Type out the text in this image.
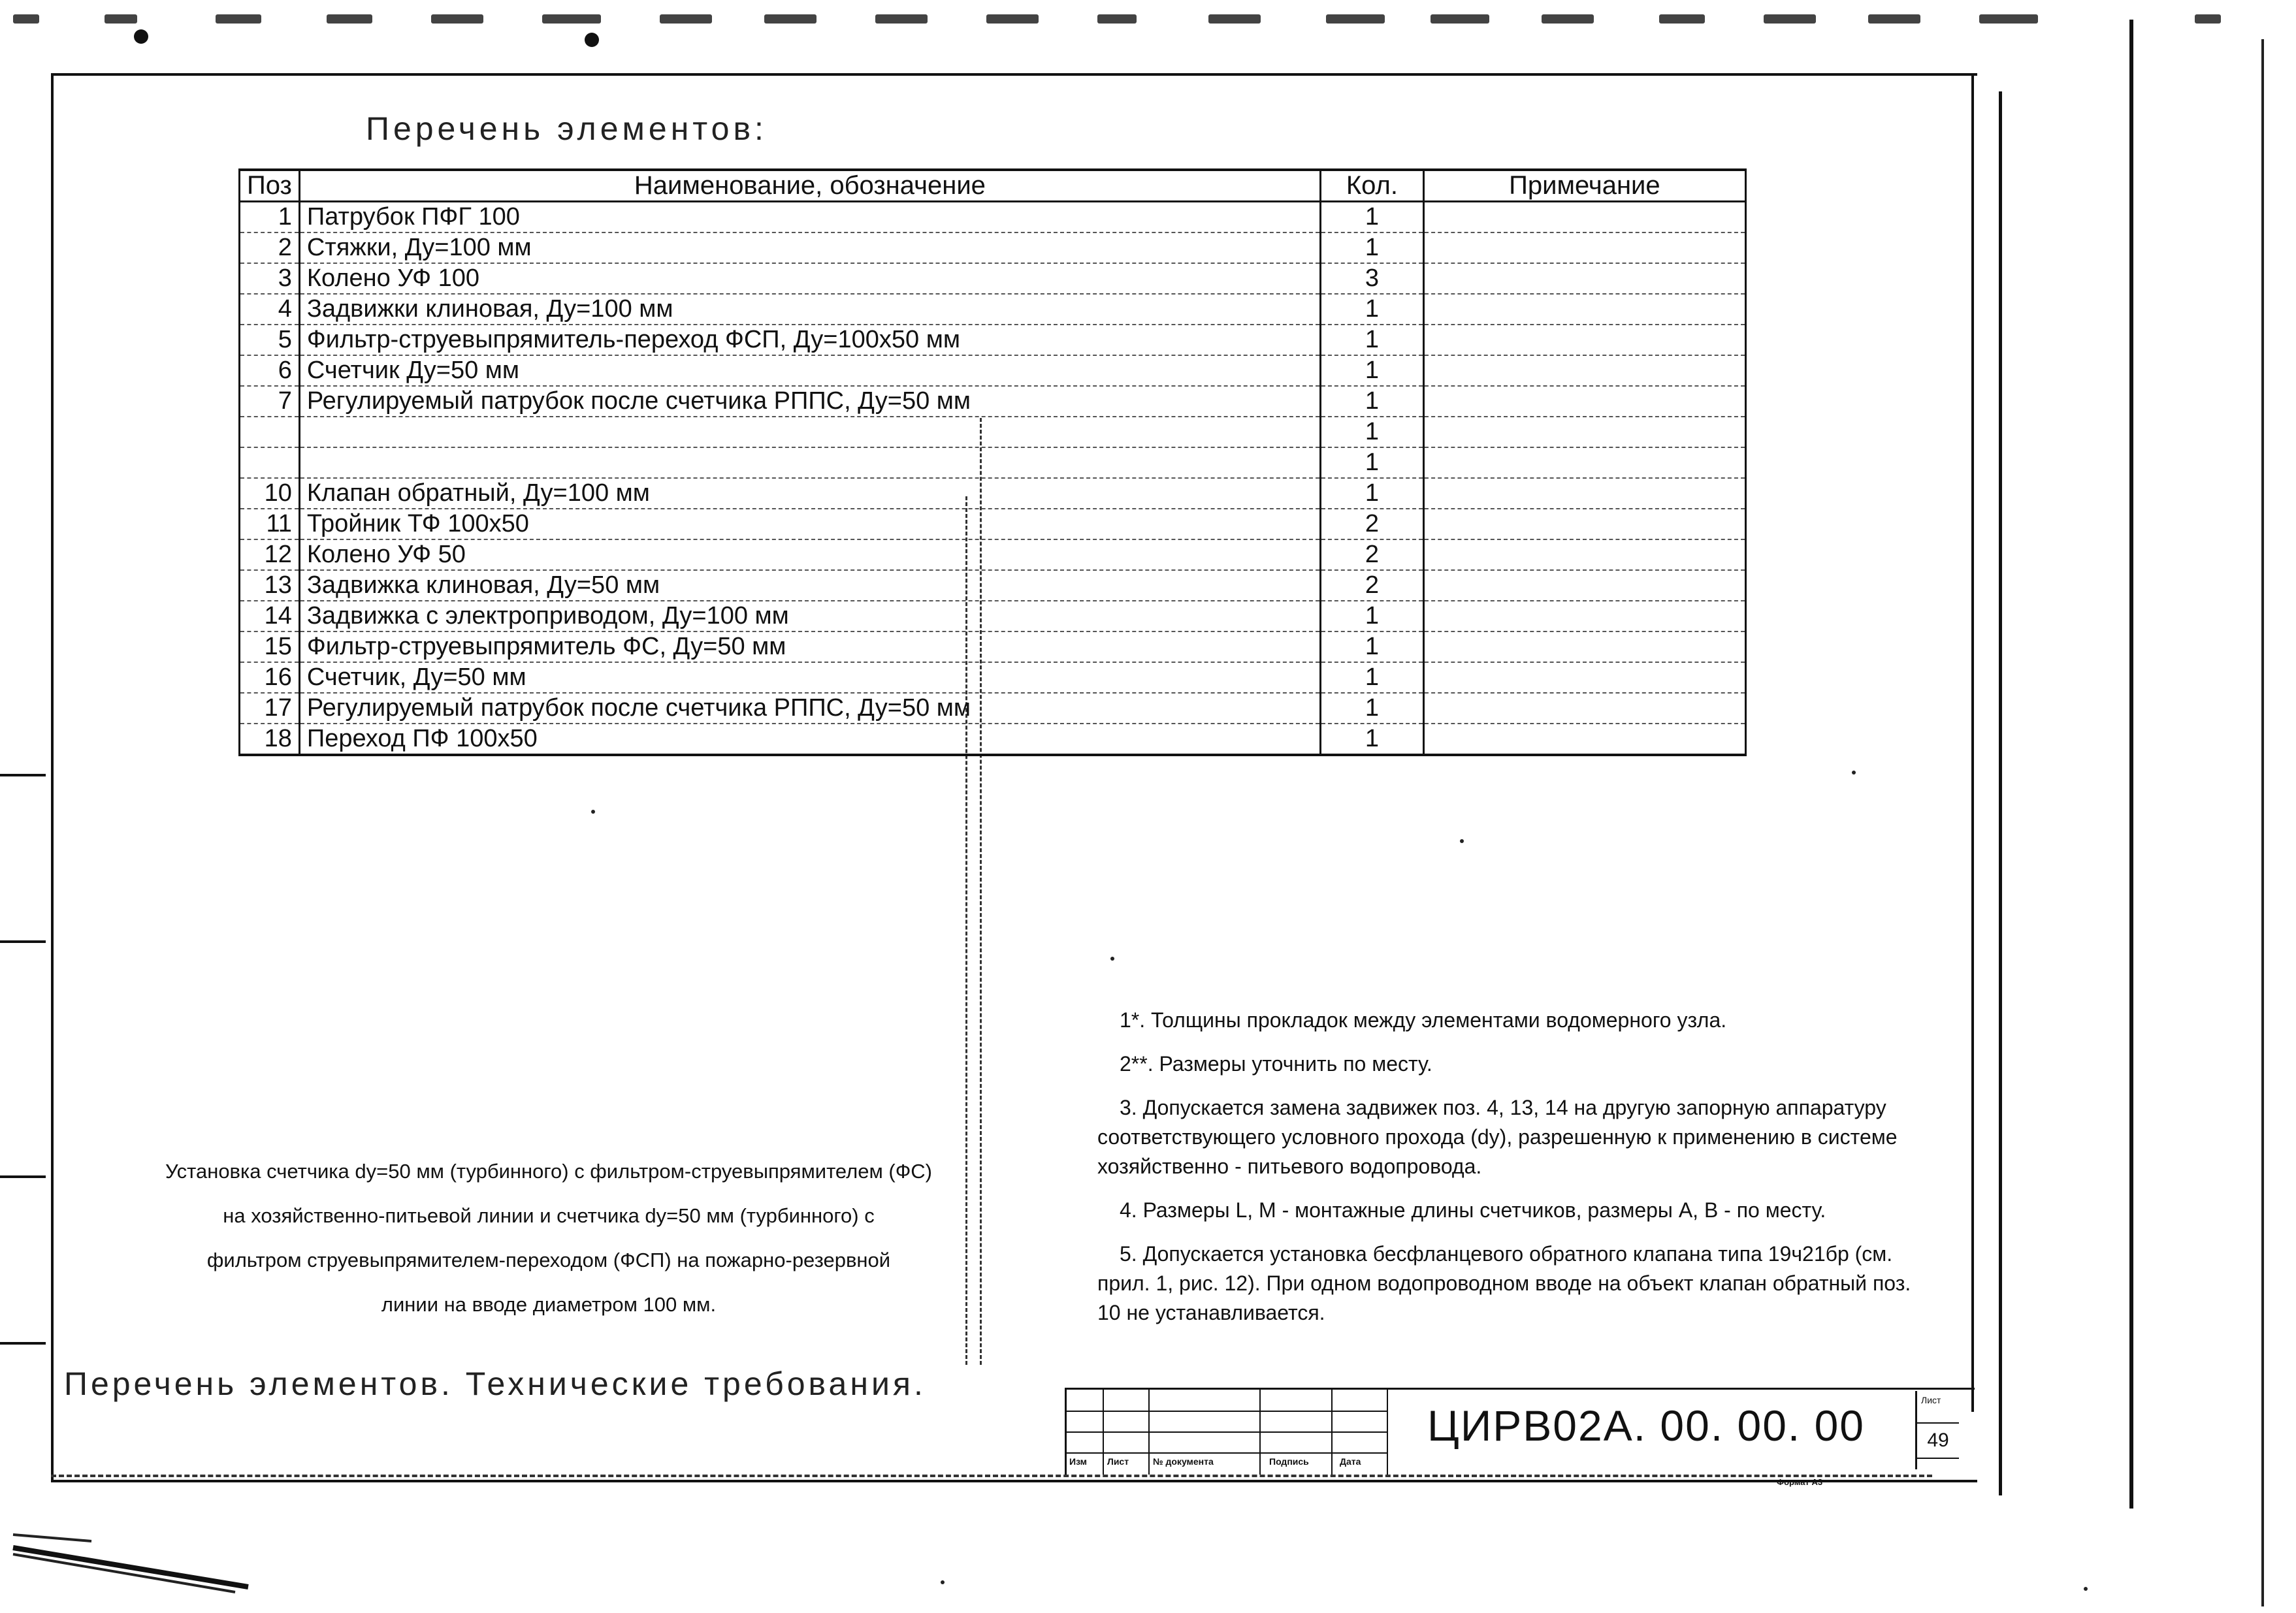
Перечень элементов:
Поз	Наименование, обозначение	Кол.	Примечание
1	Патрубок ПФГ 100	1	
2	Стяжки, Ду=100 мм	1	
3	Колено УФ 100	3	
4	Задвижки клиновая, Ду=100 мм	1	
5	Фильтр-струевыпрямитель-переход ФСП, Ду=100х50 мм	1	
6	Счетчик Ду=50 мм	1	
7	Регулируемый патрубок после счетчика РППС, Ду=50 мм	1	
		1	
		1	
10	Клапан обратный, Ду=100 мм	1	
11	Тройник ТФ 100х50	2	
12	Колено УФ 50	2	
13	Задвижка клиновая, Ду=50 мм	2	
14	Задвижка с электроприводом, Ду=100 мм	1	
15	Фильтр-струевыпрямитель ФС, Ду=50 мм	1	
16	Счетчик, Ду=50 мм	1	
17	Регулируемый патрубок после счетчика РППС, Ду=50 мм	1	
18	Переход ПФ 100х50	1	
Установка счетчика dу=50 мм (турбинного) с фильтром-струевыпрямителем (ФС)
на хозяйственно-питьевой линии и счетчика dу=50 мм (турбинного) с
фильтром струевыпрямителем-переходом (ФСП) на пожарно-резервной
линии на вводе диаметром 100 мм.

1*. Толщины прокладок между элементами водомерного узла.

2**. Размеры уточнить по месту.

3. Допускается замена задвижек поз. 4, 13, 14 на другую запорную аппаратуру соответствующего условного прохода (dу), разрешенную к применению в системе хозяйственно - питьевого водопровода.

4. Размеры L, M - монтажные длины счетчиков, размеры А, В - по месту.

5. Допускается установка бесфланцевого обратного клапана типа 19ч21бр (см. прил. 1, рис. 12). При одном водопроводном вводе на объект клапан обратный поз. 10 не устанавливается.

Перечень элементов. Технические требования.
Изм Лист	№ документа	Подпись	Дата
ЦИРВ02А. 00. 00. 00
Лист
49
Формат А3
